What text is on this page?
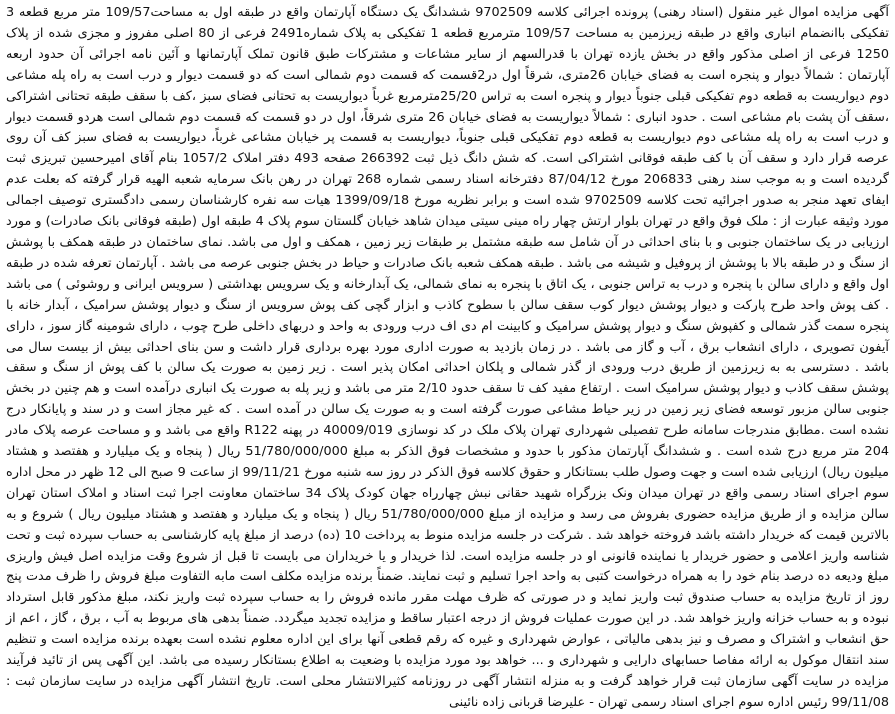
آگهی مزایده اموال غیر منقول (اسناد رهنی) پرونده اجرائی کلاسه 9702509 ششدانگ یک دستگاه آپارتمان واقع در طبقه اول به مساحت109/57 متر مربع قطعه 3 تفکیکی باانضمام انباری واقع در طبقه زیرزمین به مساحت 109/57 مترمربع قطعه 1 تفکیکی به پلاک شماره2491 فرعی از 80 اصلی مفروز و مجزی شده از پلاک 1250 فرعی از اصلی مذکور واقع در بخش یازده تهران با قدرالسهم از سایر مشاعات و مشترکات طبق قانون تملک آپارتمانها و آئین نامه اجرائی آن حدود اربعه آپارتمان : شمالاً دیوار و پنجره است به فضای خیابان 26متری، شرقاً اول در2قسمت که قسمت دوم شمالی است که دو قسمت دیوار و درب است به راه پله مشاعی دوم دیواریست به قطعه دوم تفکیکی قبلی جنوباً دیوار و پنجره است به تراس 25/20مترمربع غرباً دیواریست به تحتانی فضای سبز ،کف با سقف طبقه تحتانی اشتراکی ،سقف آن پشت بام مشاعی است . حدود انباری : شمالاً دیواریست به فضای خیابان 26 متری شرقاً، اول در دو قسمت که قسمت دوم شمالی است هردو قسمت دیوار و درب است به راه پله مشاعی دوم دیواریست به قطعه دوم تفکیکی قبلی جنوباً، دیواریست به قسمت پر خیابان مشاعی غرباً، دیواریست به فضای سبز کف آن روی عرصه قرار دارد و سقف آن با کف طبقه فوقانی اشتراکی است. که شش دانگ ذیل ثبت 266392 صفحه 493 دفتر املاک 1057/2 بنام آقای امیرحسین تبریزی ثبت گردیده است و به موجب سند رهنی 206833 مورخ 87/04/12 دفترخانه اسناد رسمی شماره 268 تهران در رهن بانک سرمایه شعبه الهیه قرار گرفته که بعلت عدم ایفای تعهد منجر به صدور اجرائیه تحت کلاسه 9702509 شده است و برابر نظریه مورخ 1399/09/18 هیات سه نفره کارشناسان رسمی دادگستری توصیف اجمالی مورد وثیقه عبارت از : ملک فوق واقع در تهران بلوار ارتش چهار راه مینی سیتی میدان شاهد خیابان گلستان سوم پلاک 4 طبقه اول (طبقه فوقانی بانک صادرات) و مورد ارزیابی در یک ساختمان جنوبی و با بنای احداثی در آن شامل سه طبقه مشتمل بر طبقات زیر زمین ، همکف و اول می باشد. نمای ساختمان در طبقه همکف با پوشش از سنگ و در طبقه بالا با پوشش از پروفیل و شیشه می باشد . طبقه همکف شعبه بانک صادرات و حیاط در بخش جنوبی عرصه می باشد . آپارتمان تعرفه شده در طبقه اول واقع و دارای سالن با پنجره و درب به تراس جنوبی ، یک اتاق با پنجره به نمای شمالی، یک آبدارخانه و یک سرویس بهداشتی ( سرویس ایرانی و روشوئی ) می باشد . کف پوش واحد طرح پارکت و دیوار پوشش دیوار کوب سقف سالن با سطوح کاذب و ابزار گچی کف پوش سرویس از سنگ و دیوار پوشش سرامیک ، آبدار خانه با پنجره سمت گذر شمالی و کفپوش سنگ و دیوار پوشش سرامیک و کابینت ام دی اف درب ورودی به واحد و دربهای داخلی طرح چوب ، دارای شومینه گاز سوز ، دارای آیفون تصویری ، دارای انشعاب برق ، آب و گاز می باشد . در زمان بازدید به صورت اداری مورد بهره برداری قرار داشت و سن بنای احداثی بیش از بیست سال می باشد . دسترسی به به زیرزمین از طریق درب ورودی از گذر شمالی و پلکان احداثی امکان پذیر است . زیر زمین به صورت یک سالن با کف پوش از سنگ و سقف پوشش سقف کاذب و دیوار پوشش سرامیک است . ارتفاع مفید کف تا سقف حدود 2/10 متر می باشد و زیر پله به صورت یک انباری درآمده است و هم چنین در بخش جنوبی سالن مزبور توسعه فضای زیر زمین در زیر حیاط مشاعی صورت گرفته است و به صورت یک سالن در آمده است . که غیر مجاز است و در سند و پایانکار درج نشده است .مطابق مندرجات سامانه طرح تفصیلی شهرداری تهران پلاک ملک در کد نوسازی 40009/019 در پهنه R122 واقع می باشد و و مساحت عرصه پلاک مادر 204 متر مربع درج شده است . و ششدانگ آپارتمان مذکور با حدود و مشخصات فوق الذکر به مبلغ 51/780/000/000 ریال ( پنجاه و یک میلیارد و هفتصد و هشتاد میلیون ریال) ارزیابی شده است و جهت وصول طلب بستانکار و حقوق کلاسه فوق الذکر در روز سه شنبه مورخ 99/11/21 از ساعت 9 صبح الی 12 ظهر در محل اداره سوم اجرای اسناد رسمی واقع در تهران میدان ونک بزرگراه شهید حقانی نبش چهارراه جهان کودک پلاک 34 ساختمان معاونت اجرا ثبت اسناد و املاک استان تهران سالن مزایده و از طریق مزایده حضوری بفروش می رسد و مزایده از مبلغ 51/780/000/000 ریال ( پنجاه و یک میلیارد و هفتصد و هشتاد میلیون ریال ) شروع و به بالاترین قیمت که خریدار داشته باشد فروخته خواهد شد . شرکت در جلسه مزایده منوط به پرداخت 10 (ده) درصد از مبلغ پایه کارشناسی به حساب سپرده ثبت و تحت شناسه واریز اعلامی و حضور خریدار یا نماینده قانونی او در جلسه مزایده است. لذا خریدار و یا خریداران می بایست تا قبل از شروع وقت مزایده اصل فیش واریزی مبلغ ودیعه ده درصد بنام خود را به همراه درخواست کتبی به واحد اجرا تسلیم و ثبت نمایند. ضمناً برنده مزایده مکلف است مابه التفاوت مبلغ فروش را ظرف مدت پنج روز از تاریخ مزایده به حساب صندوق ثبت واریز نماید و در صورتی که ظرف مهلت مقرر مانده فروش را به حساب سپرده ثبت واریز نکند، مبلغ مذکور قابل استرداد نبوده و به حساب خزانه واریز خواهد شد. در این صورت عملیات فروش از درجه اعتبار ساقط و مزایده تجدید میگردد. ضمناً بدهی های مربوط به آب ، برق ، گاز ، اعم از حق انشعاب و اشتراک و مصرف و نیز بدهی مالیاتی ، عوارض شهرداری و غیره که رقم قطعی آنها برای این اداره معلوم نشده است بعهده برنده مزایده است و تنظیم سند انتقال موکول به ارائه مفاصا حسابهای دارایی و شهرداری و ... خواهد بود مورد مزایده با وضعیت به اطلاع بستانکار رسیده می باشد. این آگهی پس از تائید فرآیند مزایده در سایت آگهی سازمان ثبت قرار خواهد گرفت و به منزله انتشار آگهی در روزنامه کثیرالانتشار محلی است. تاریخ انتشار آگهی مزایده در سایت سازمان ثبت : 99/11/08 رئیس اداره سوم اجرای اسناد رسمی تهران - علیرضا قربانی زاده نائینی
